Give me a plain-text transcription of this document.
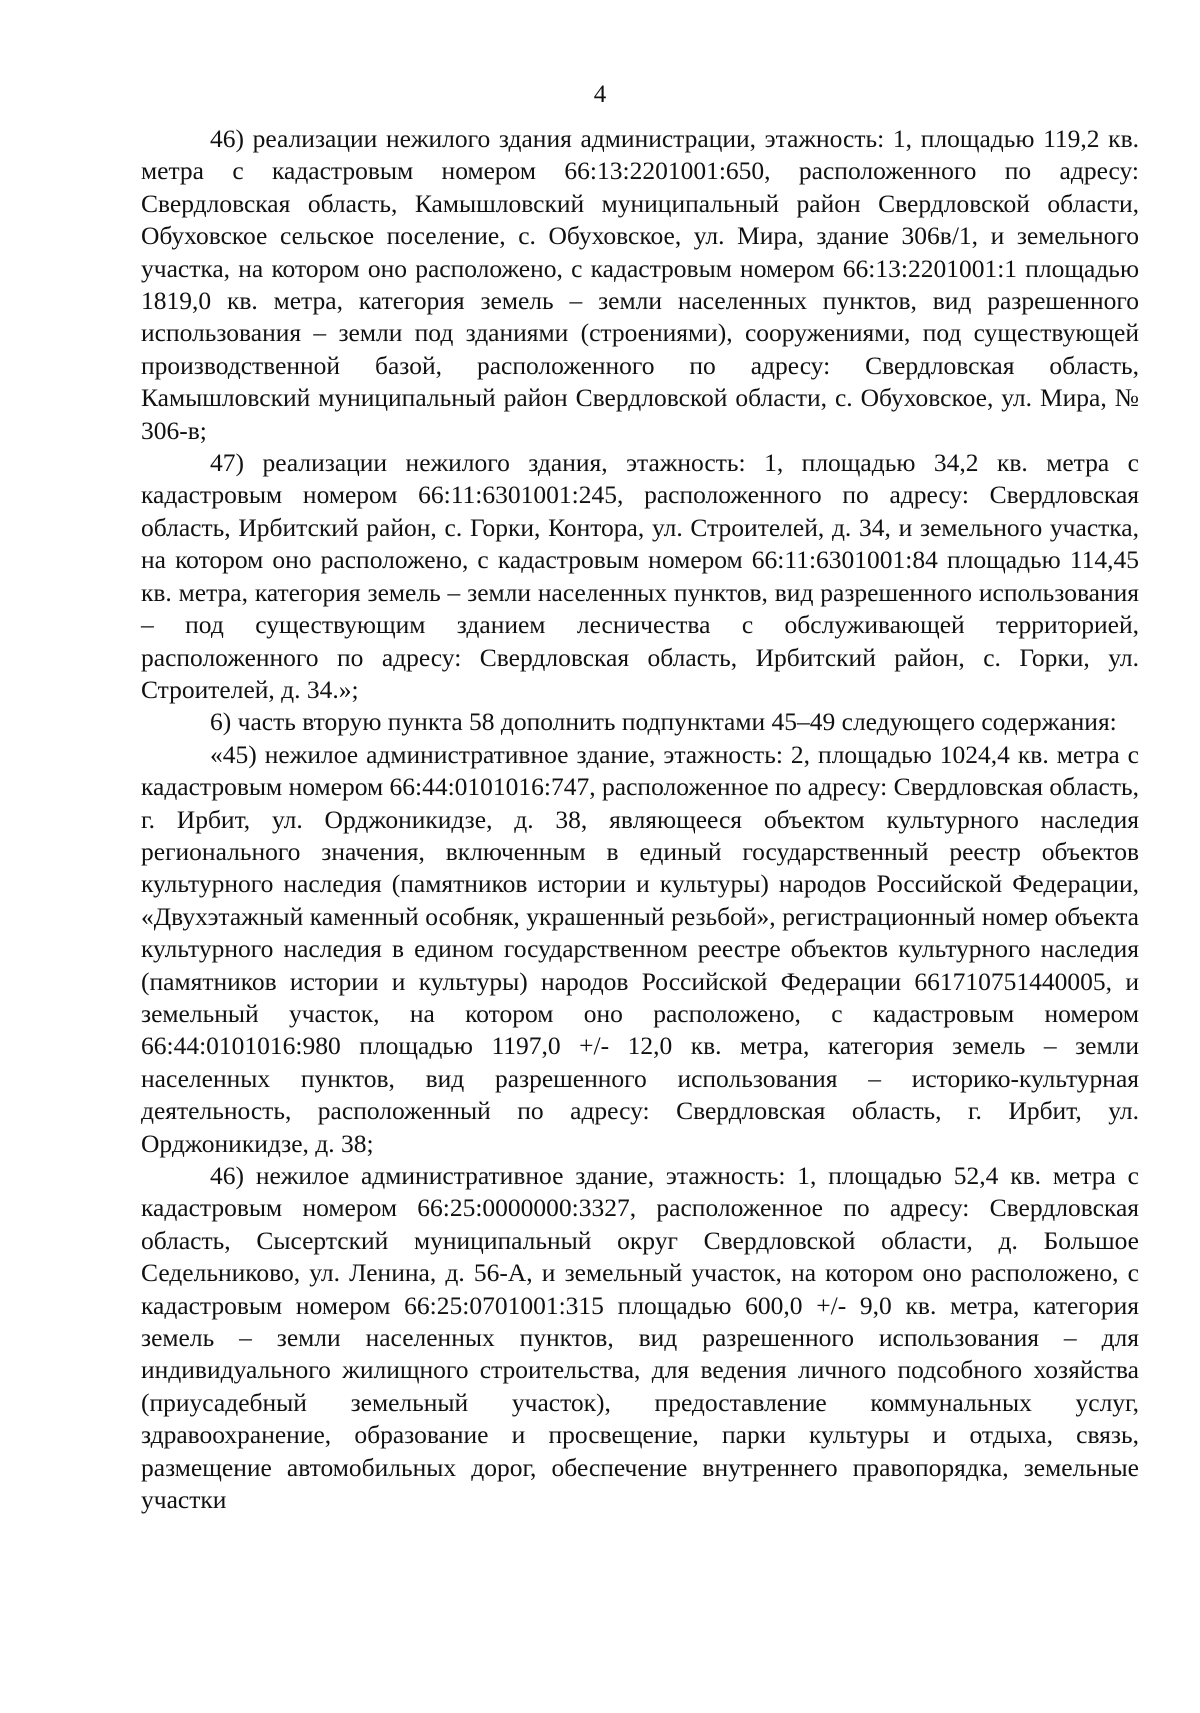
4

46) реализации нежилого здания администрации, этажность: 1, площадью 119,2 кв. метра с кадастровым номером 66:13:2201001:650, расположенного по адресу: Свердловская область, Камышловский муниципальный район Свердловской области, Обуховское сельское поселение, с. Обуховское, ул. Мира, здание 306в/1, и земельного участка, на котором оно расположено, с кадастровым номером 66:13:2201001:1 площадью 1819,0 кв. метра, категория земель – земли населенных пунктов, вид разрешенного использования – земли под зданиями (строениями), сооружениями, под существующей производственной базой, расположенного по адресу: Свердловская область, Камышловский муниципальный район Свердловской области, с. Обуховское, ул. Мира, № 306-в;

47) реализации нежилого здания, этажность: 1, площадью 34,2 кв. метра с кадастровым номером 66:11:6301001:245, расположенного по адресу: Свердловская область, Ирбитский район, с. Горки, Контора, ул. Строителей, д. 34, и земельного участка, на котором оно расположено, с кадастровым номером 66:11:6301001:84 площадью 114,45 кв. метра, категория земель – земли населенных пунктов, вид разрешенного использования – под существующим зданием лесничества с обслуживающей территорией, расположенного по адресу: Свердловская область, Ирбитский район, с. Горки, ул. Строителей, д. 34.»;

6) часть вторую пункта 58 дополнить подпунктами 45–49 следующего содержания:

«45) нежилое административное здание, этажность: 2, площадью 1024,4 кв. метра с кадастровым номером 66:44:0101016:747, расположенное по адресу: Свердловская область, г. Ирбит, ул. Орджоникидзе, д. 38, являющееся объектом культурного наследия регионального значения, включенным в единый государственный реестр объектов культурного наследия (памятников истории и культуры) народов Российской Федерации, «Двухэтажный каменный особняк, украшенный резьбой», регистрационный номер объекта культурного наследия в едином государственном реестре объектов культурного наследия (памятников истории и культуры) народов Российской Федерации 661710751440005, и земельный участок, на котором оно расположено, с кадастровым номером 66:44:0101016:980 площадью 1197,0 +/- 12,0 кв. метра, категория земель – земли населенных пунктов, вид разрешенного использования – историко-культурная деятельность, расположенный по адресу: Свердловская область, г. Ирбит, ул. Орджоникидзе, д. 38;

46) нежилое административное здание, этажность: 1, площадью 52,4 кв. метра с кадастровым номером 66:25:0000000:3327, расположенное по адресу: Свердловская область, Сысертский муниципальный округ Свердловской области, д. Большое Седельниково, ул. Ленина, д. 56-А, и земельный участок, на котором оно расположено, с кадастровым номером 66:25:0701001:315 площадью 600,0 +/- 9,0 кв. метра, категория земель – земли населенных пунктов, вид разрешенного использования – для индивидуального жилищного строительства, для ведения личного подсобного хозяйства (приусадебный земельный участок), предоставление коммунальных услуг, здравоохранение, образование и просвещение, парки культуры и отдыха, связь, размещение автомобильных дорог, обеспечение внутреннего правопорядка, земельные участки
